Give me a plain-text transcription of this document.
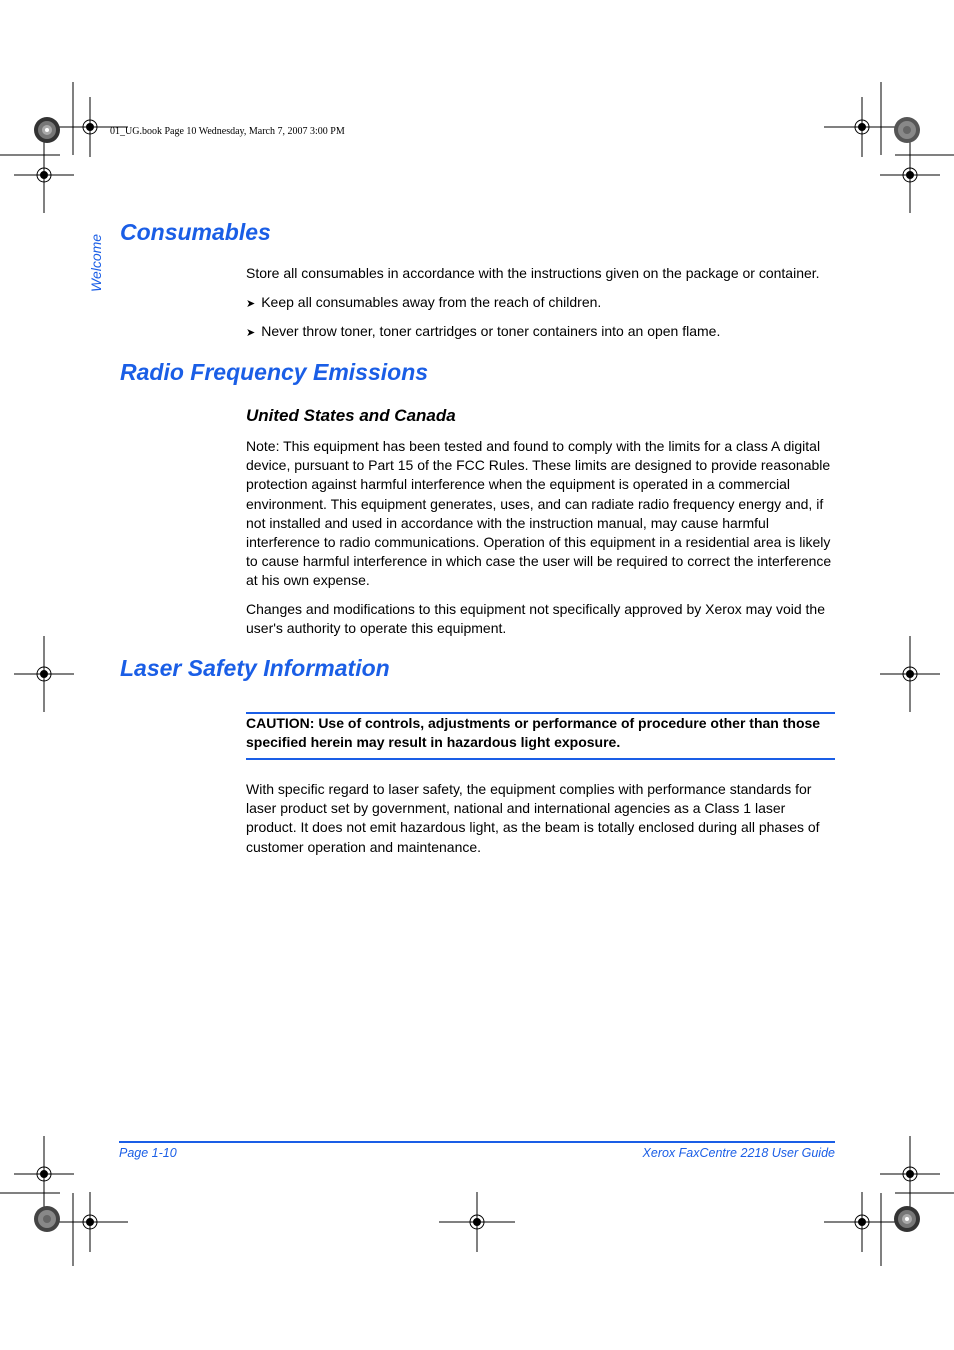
01_UG.book Page 10 Wednesday, March 7, 2007 3:00 PM
Welcome
Consumables
Store all consumables in accordance with the instructions given on the package or container.
➤ Keep all consumables away from the reach of children.
➤ Never throw toner, toner cartridges or toner containers into an open flame.
Radio Frequency Emissions
United States and Canada
Note: This equipment has been tested and found to comply with the limits for a class A digital device, pursuant to Part 15 of the FCC Rules. These limits are designed to provide reasonable protection against harmful interference when the equipment is operated in a commercial environment. This equipment generates, uses, and can radiate radio frequency energy and, if not installed and used in accordance with the instruction manual, may cause harmful interference to radio communications. Operation of this equipment in a residential area is likely to cause harmful interference in which case the user will be required to correct the interference at his own expense.
Changes and modifications to this equipment not specifically approved by Xerox may void the user's authority to operate this equipment.
Laser Safety Information
CAUTION: Use of controls, adjustments or performance of procedure other than those specified herein may result in hazardous light exposure.
With specific regard to laser safety, the equipment complies with performance standards for laser product set by government, national and international agencies as a Class 1 laser product. It does not emit hazardous light, as the beam is totally enclosed during all phases of customer operation and maintenance.
Page 1-10	Xerox FaxCentre 2218 User Guide
